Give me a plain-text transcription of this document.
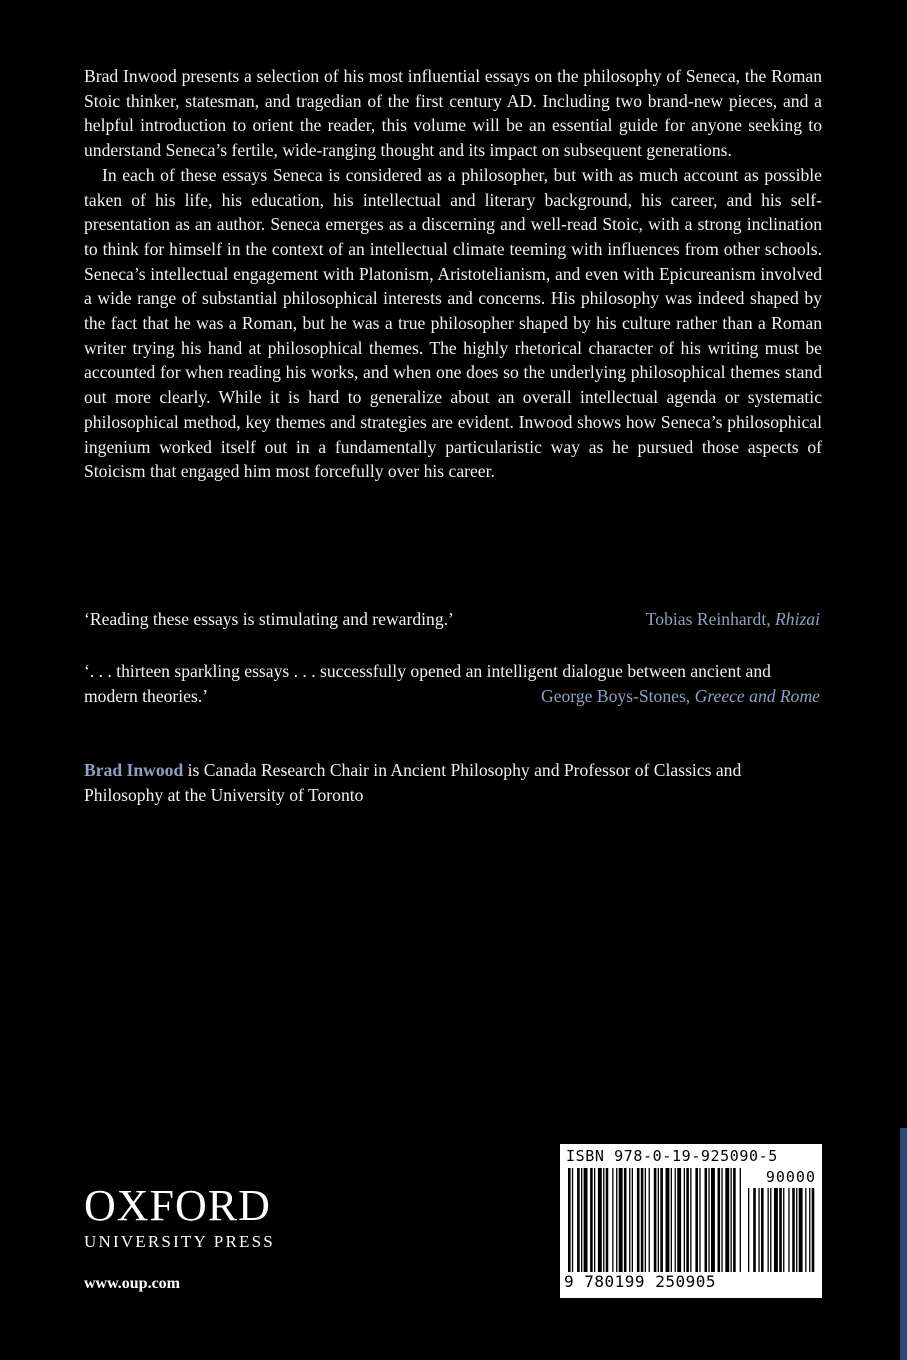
Brad Inwood presents a selection of his most influential essays on the philosophy of Seneca, the Roman Stoic thinker, statesman, and tragedian of the first century AD. Including two brand-new pieces, and a helpful introduction to orient the reader, this volume will be an essential guide for anyone seeking to understand Seneca’s fertile, wide-ranging thought and its impact on subsequent generations.

In each of these essays Seneca is considered as a philosopher, but with as much account as possible taken of his life, his education, his intellectual and literary background, his career, and his self-presentation as an author. Seneca emerges as a discerning and well-read Stoic, with a strong inclination to think for himself in the context of an intellectual climate teeming with influences from other schools. Seneca’s intellectual engagement with Platonism, Aristotelianism, and even with Epicureanism involved a wide range of substantial philosophical interests and concerns. His philosophy was indeed shaped by the fact that he was a Roman, but he was a true philosopher shaped by his culture rather than a Roman writer trying his hand at philosophical themes. The highly rhetorical character of his writing must be accounted for when reading his works, and when one does so the underlying philosophical themes stand out more clearly. While it is hard to generalize about an overall intellectual agenda or systematic philosophical method, key themes and strategies are evident. Inwood shows how Seneca’s philosophical ingenium worked itself out in a fundamentally particularistic way as he pursued those aspects of Stoicism that engaged him most forcefully over his career.

‘Reading these essays is stimulating and rewarding.’	Tobias Reinhardt, Rhizai
‘. . . thirteen sparkling essays . . . successfully opened an intelligent dialogue between ancient and modern theories.’	George Boys-Stones, Greece and Rome
Brad Inwood is Canada Research Chair in Ancient Philosophy and Professor of Classics and Philosophy at the University of Toronto
OXFORD
UNIVERSITY PRESS
www.oup.com
ISBN 978-0-19-925090-5
90000
9 780199 250905
